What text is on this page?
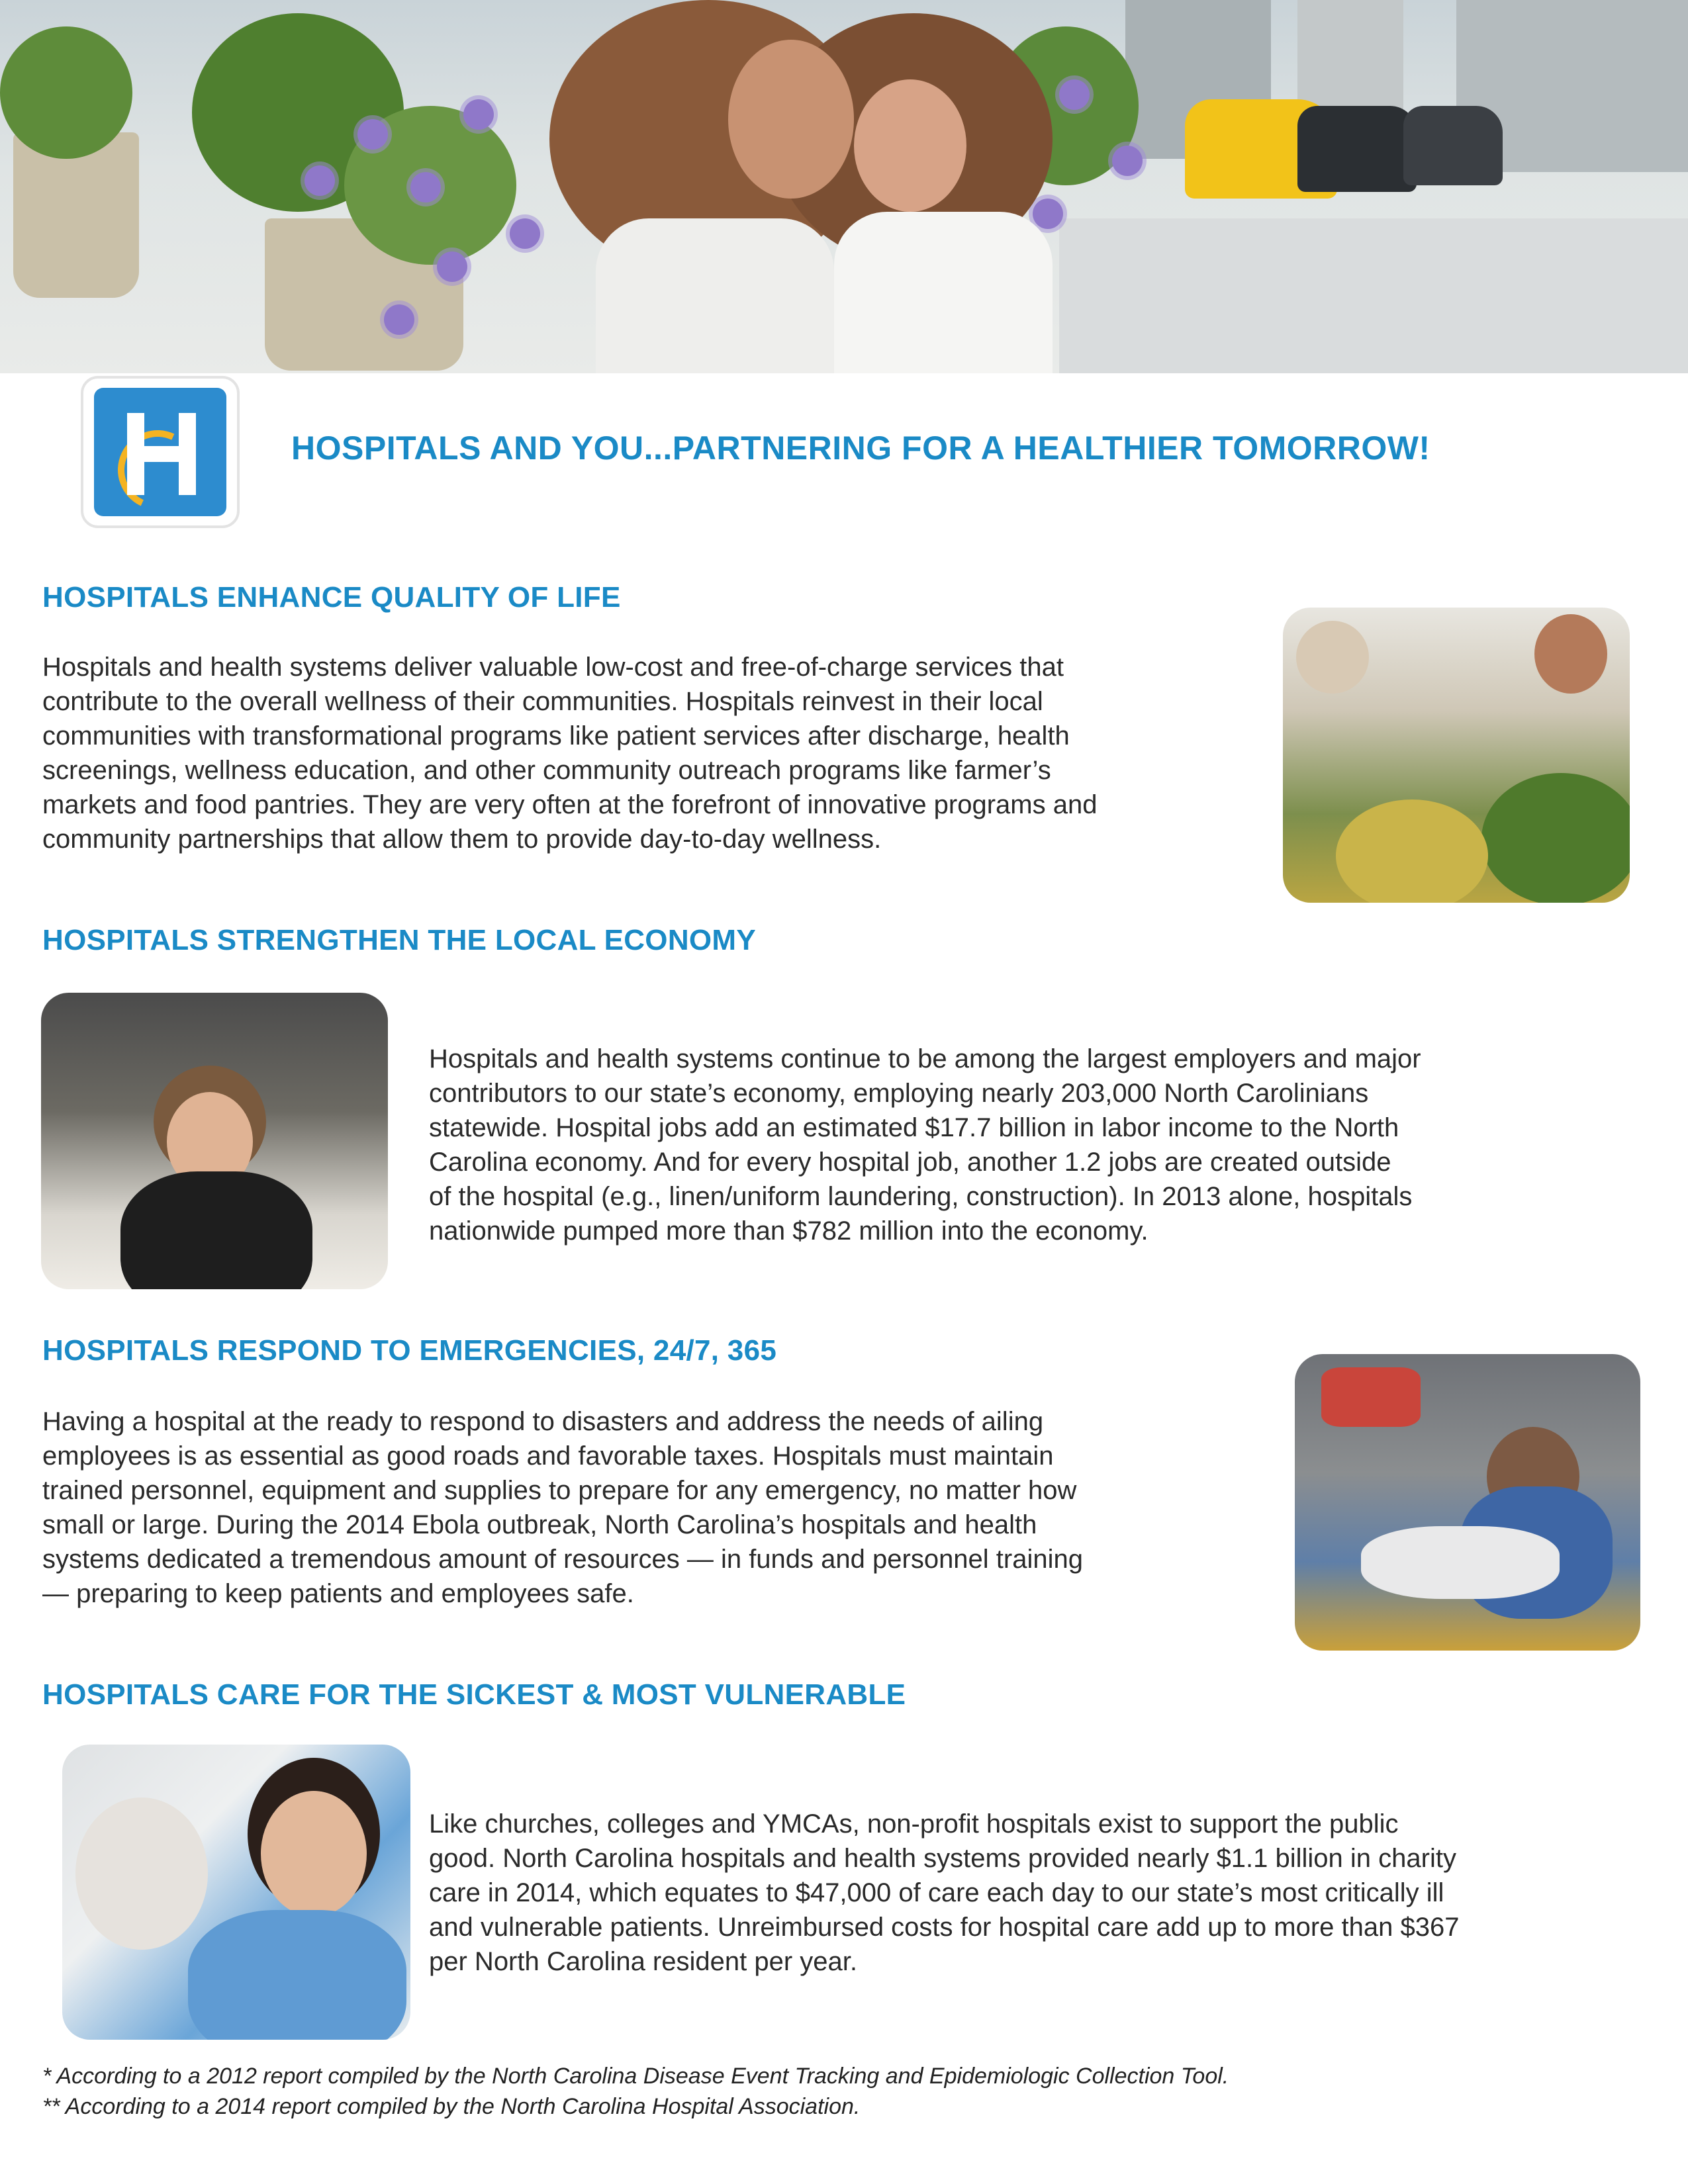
HOSPITALS AND YOU...PARTNERING FOR A HEALTHIER TOMORROW!
HOSPITALS ENHANCE QUALITY OF LIFE

Hospitals and health systems deliver valuable low-cost and free-of-charge services that

contribute to the overall wellness of their communities. Hospitals reinvest in their local

communities with transformational programs like patient services after discharge, health

screenings, wellness education, and other community outreach programs like farmer’s

markets and food pantries. They are very often at the forefront of innovative programs and

community partnerships that allow them to provide day-to-day wellness.

HOSPITALS STRENGTHEN THE LOCAL ECONOMY

Hospitals and health systems continue to be among the largest employers and major

contributors to our state’s economy, employing nearly 203,000 North Carolinians

statewide. Hospital jobs add an estimated $17.7 billion in labor income to the North

Carolina economy. And for every hospital job, another 1.2 jobs are created outside

of the hospital (e.g., linen/uniform laundering, construction). In 2013 alone, hospitals

nationwide pumped more than $782 million into the economy.

HOSPITALS RESPOND TO EMERGENCIES, 24/7, 365

Having a hospital at the ready to respond to disasters and address the needs of ailing

employees is as essential as good roads and favorable taxes. Hospitals must maintain

trained personnel, equipment and supplies to prepare for any emergency, no matter how

small or large. During the 2014 Ebola outbreak, North Carolina’s hospitals and health

systems dedicated a tremendous amount of resources — in funds and personnel training

— preparing to keep patients and employees safe.

HOSPITALS CARE FOR THE SICKEST & MOST VULNERABLE

Like churches, colleges and YMCAs, non-profit hospitals exist to support the public

good. North Carolina hospitals and health systems provided nearly $1.1 billion in charity

care in 2014, which equates to $47,000 of care each day to our state’s most critically ill

and vulnerable patients. Unreimbursed costs for hospital care add up to more than $367

per North Carolina resident per year.

* According to a 2012 report compiled by the North Carolina Disease Event Tracking and Epidemiologic Collection Tool.

** According to a 2014 report compiled by the North Carolina Hospital Association.
